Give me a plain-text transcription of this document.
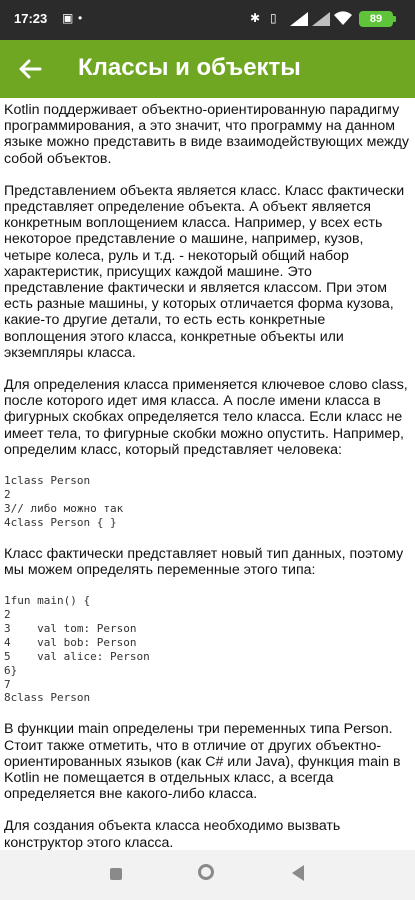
17:23 ▣ •	✱ ▯	89
Классы и объекты

Kotlin поддерживает объектно-ориентированную парадигму программирования, а это значит, что программу на данном языке можно представить в виде взаимодействующих между собой объектов.

Представлением объекта является класс. Класс фактически представляет определение объекта. А объект является конкретным воплощением класса. Например, у всех есть некоторое представление о машине, например, кузов, четыре колеса, руль и т.д. - некоторый общий набор характеристик, присущих каждой машине. Это представление фактически и является классом. При этом есть разные машины, у которых отличается форма кузова, какие-то другие детали, то есть есть конкретные воплощения этого класса, конкретные объекты или экземпляры класса.

Для определения класса применяется ключевое слово class, после которого идет имя класса. А после имени класса в фигурных скобках определяется тело класса. Если класс не имеет тела, то фигурные скобки можно опустить. Например, определим класс, который представляет человека:

1class Person
2
3// либо можно так
4class Person { }

Класс фактически представляет новый тип данных, поэтому мы можем определять переменные этого типа:

1fun main() {
2
3    val tom: Person
4    val bob: Person
5    val alice: Person
6}
7
8class Person

В функции main определены три переменных типа Person. Стоит также отметить, что в отличие от других объектно-ориентированных языков (как C# или Java), функция main в Kotlin не помещается в отдельных класс, а всегда определяется вне какого-либо класса.

Для создания объекта класса необходимо вызвать конструктор этого класса.
